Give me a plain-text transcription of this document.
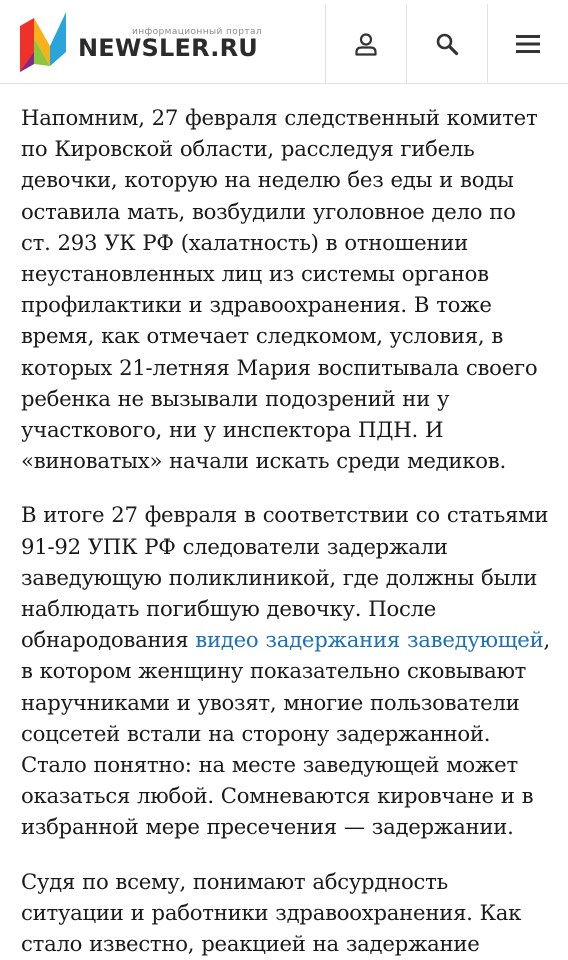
информационный портал
NEWSLER.RU

Напомним, 27 февраля следственный комитет по Кировской области, расследуя гибель девочки, которую на неделю без еды и воды оставила мать, возбудили уголовное дело по ст. 293 УК РФ (халатность) в отношении неустановленных лиц из системы органов профилактики и здравоохранения. В тоже время, как отмечает следкомом, условия, в которых 21-летняя Мария воспитывала своего ребенка не вызывали подозрений ни у участкового, ни у инспектора ПДН. И «виноватых» начали искать среди медиков.

В итоге 27 февраля в соответствии со статьями 91-92 УПК РФ следователи задержали заведующую поликлиникой, где должны были наблюдать погибшую девочку. После обнародования видео задержания заведующей, в котором женщину показательно сковывают наручниками и увозят, многие пользователи соцсетей встали на сторону задержанной. Стало понятно: на месте заведующей может оказаться любой. Сомневаются кировчане и в избранной мере пресечения — задержании.

Судя по всему, понимают абсурдность ситуации и работники здравоохранения. Как стало известно, реакцией на задержание
